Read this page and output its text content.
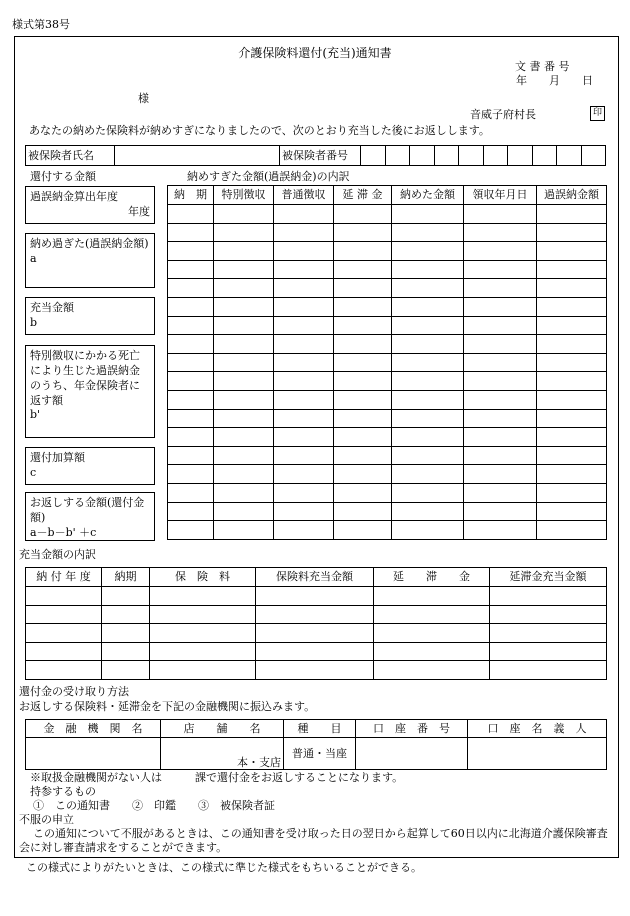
様式第38号
介護保険料還付(充当)通知書
文 書 番 号
年　　月　　日
様
音威子府村長	印
あなたの納めた保険料が納めすぎになりましたので、次のとおり充当した後にお返しします。
被保険者氏名		被保険者番号										
還付する金額	納めすぎた金額(過誤納金)の内訳
過誤納金算出年度
年度
納め過ぎた(過誤納金額)
a
充当金額
b
特別徴収にかかる死亡により生じた過誤納金のうち、年金保険者に返す額
b'
還付加算額
c
お返しする金額(還付金額)
a－b－b' ＋c
納　期	特別徴収	普通徴収	延 滞 金	納めた金額	領収年月日	過誤納金額

充当金額の内訳
納 付 年 度	納期	保　険　料	保険料充当金額	延　　滞　　金	延滞金充当金額

還付金の受け取り方法
お返しする保険料・延滞金を下記の金融機関に振込みます。
金　融　機　関　名	店　　舗　　名	種　　目	口　座　番　号	口　座　名　義　人
	本・支店	普通・当座		
※取扱金融機関がない人は　　　課で還付金をお返しすることになります。
持参するもの
①　この通知書　　②　印鑑　　③　被保険者証
不服の申立
この通知について不服があるときは、この通知書を受け取った日の翌日から起算して60日以内に北海道介護保険審査会に対し審査請求をすることができます。
この様式によりがたいときは、この様式に準じた様式をもちいることができる。
